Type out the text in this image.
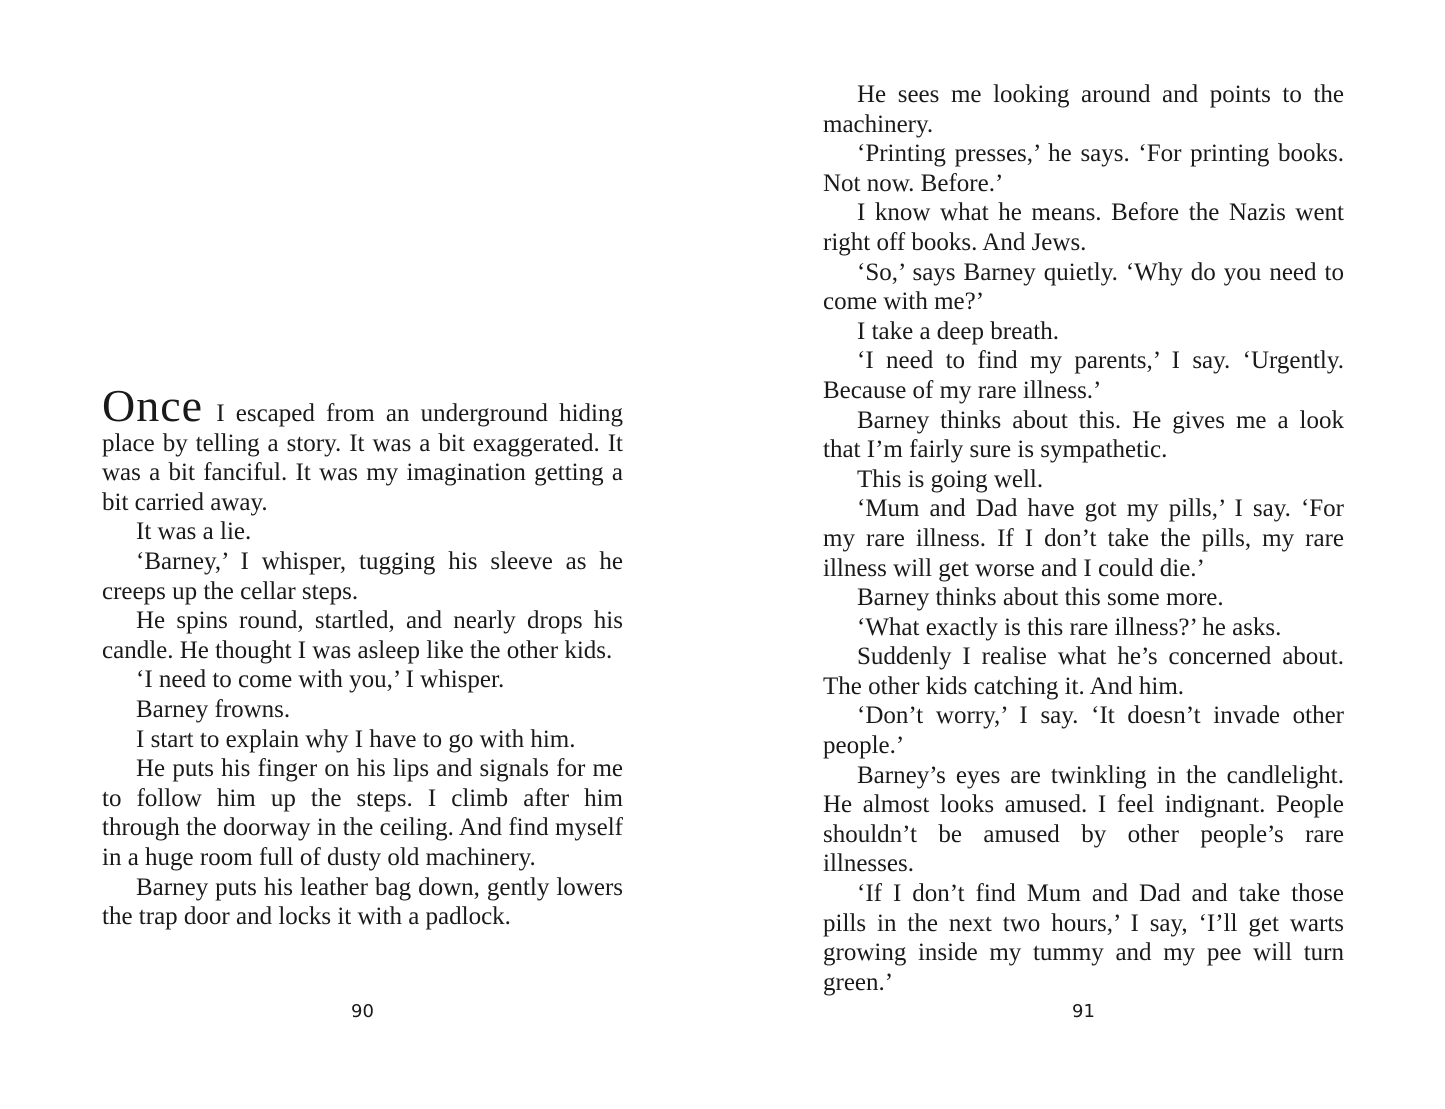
Once I escaped from an underground hiding place by telling a story. It was a bit exaggerated. It was a bit fanciful. It was my imagination getting a bit carried away.

It was a lie.

‘Barney,’ I whisper, tugging his sleeve as he creeps up the cellar steps.

He spins round, startled, and nearly drops his candle. He thought I was asleep like the other kids.

‘I need to come with you,’ I whisper.

Barney frowns.

I start to explain why I have to go with him.

He puts his finger on his lips and signals for me to follow him up the steps. I climb after him through the doorway in the ceiling. And find myself in a huge room full of dusty old machinery.

Barney puts his leather bag down, gently lowers the trap door and locks it with a padlock.

90

He sees me looking around and points to the machinery.

‘Printing presses,’ he says. ‘For printing books. Not now. Before.’

I know what he means. Before the Nazis went right off books. And Jews.

‘So,’ says Barney quietly. ‘Why do you need to come with me?’

I take a deep breath.

‘I need to find my parents,’ I say. ‘Urgently. Because of my rare illness.’

Barney thinks about this. He gives me a look that I’m fairly sure is sympathetic.

This is going well.

‘Mum and Dad have got my pills,’ I say. ‘For my rare illness. If I don’t take the pills, my rare illness will get worse and I could die.’

Barney thinks about this some more.

‘What exactly is this rare illness?’ he asks.

Suddenly I realise what he’s concerned about. The other kids catching it. And him.

‘Don’t worry,’ I say. ‘It doesn’t invade other people.’

Barney’s eyes are twinkling in the candlelight. He almost looks amused. I feel indignant. People shouldn’t be amused by other people’s rare illnesses.

‘If I don’t find Mum and Dad and take those pills in the next two hours,’ I say, ‘I’ll get warts growing inside my tummy and my pee will turn green.’

91
